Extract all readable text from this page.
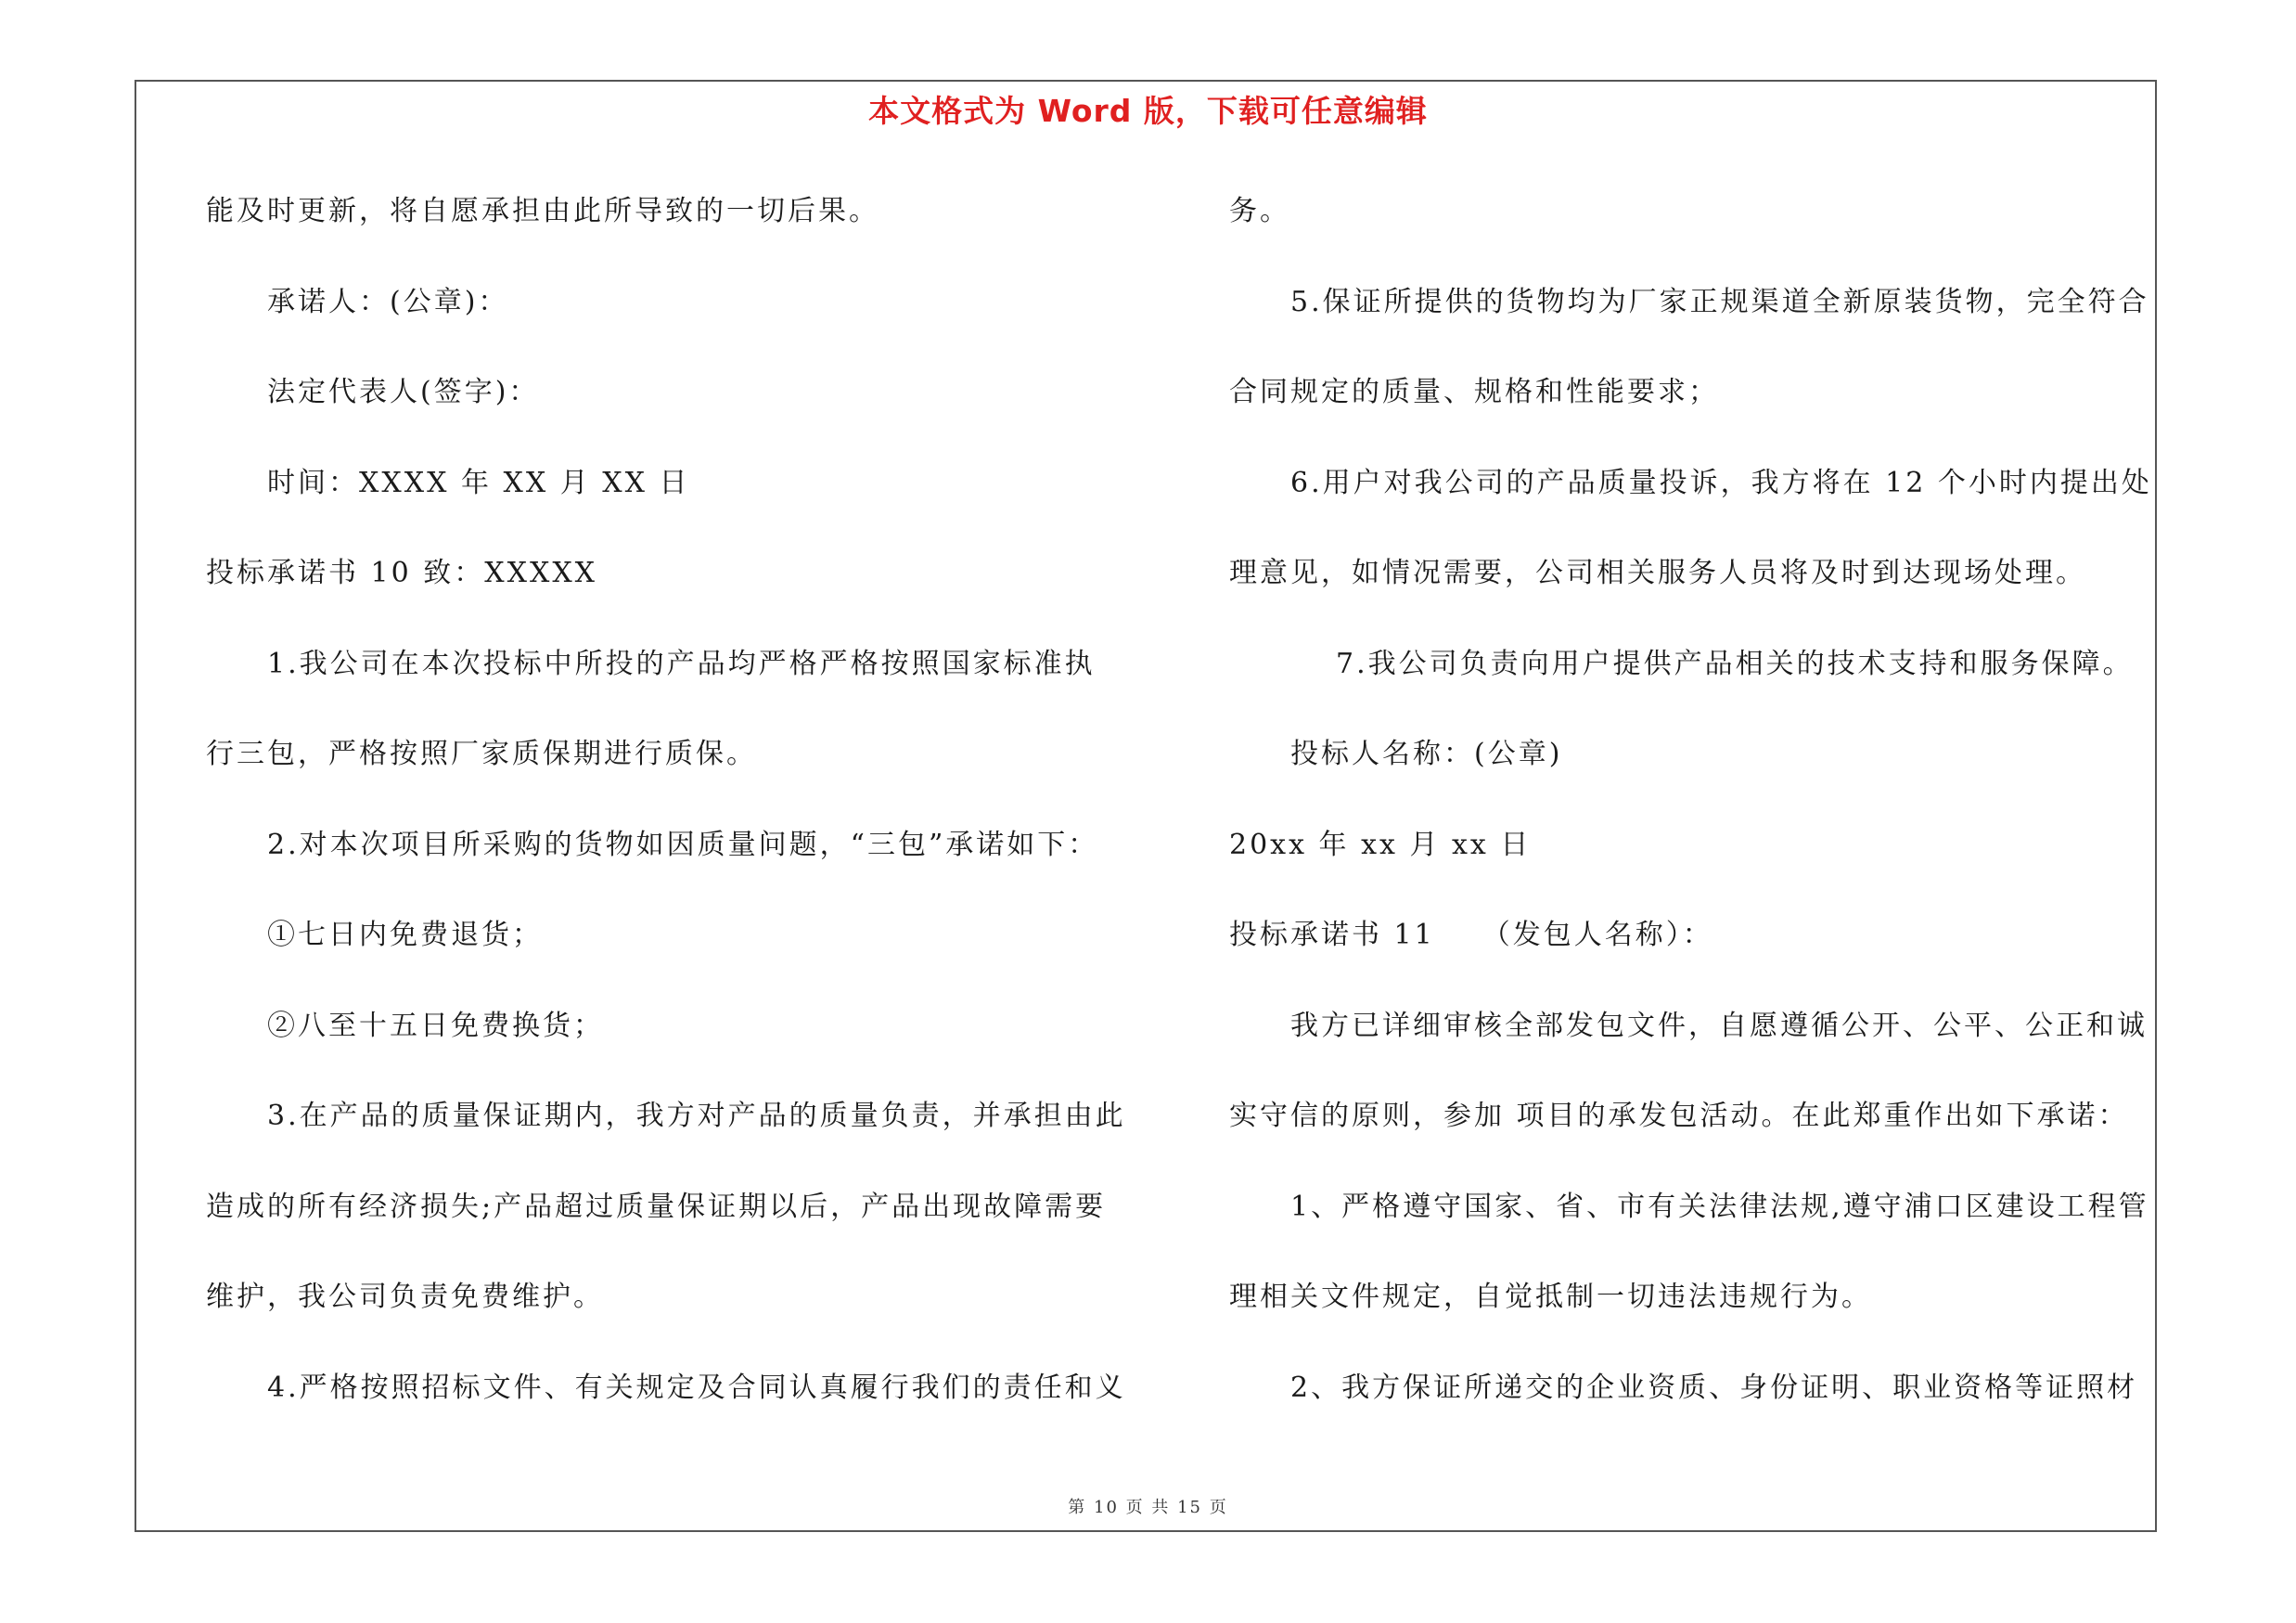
本文格式为 Word 版，下载可任意编辑
能及时更新，将自愿承担由此所导致的一切后果。
承诺人：(公章)：
法定代表人(签字)：
时间：XXXX 年 XX 月 XX 日
投标承诺书 10 致：XXXXX
1.我公司在本次投标中所投的产品均严格严格按照国家标准执
行三包，严格按照厂家质保期进行质保。
2.对本次项目所采购的货物如因质量问题，“三包”承诺如下：
①七日内免费退货；
②八至十五日免费换货；
3.在产品的质量保证期内，我方对产品的质量负责，并承担由此
造成的所有经济损失;产品超过质量保证期以后，产品出现故障需要
维护，我公司负责免费维护。
4.严格按照招标文件、有关规定及合同认真履行我们的责任和义
务。
5.保证所提供的货物均为厂家正规渠道全新原装货物，完全符合
合同规定的质量、规格和性能要求；
6.用户对我公司的产品质量投诉，我方将在 12 个小时内提出处
理意见，如情况需要，公司相关服务人员将及时到达现场处理。
7.我公司负责向用户提供产品相关的技术支持和服务保障。
投标人名称：(公章)
20xx 年 xx 月 xx 日
投标承诺书 11　　（发包人名称）：
我方已详细审核全部发包文件，自愿遵循公开、公平、公正和诚
实守信的原则，参加 项目的承发包活动。在此郑重作出如下承诺：
1、严格遵守国家、省、市有关法律法规,遵守浦口区建设工程管
理相关文件规定，自觉抵制一切违法违规行为。
2、我方保证所递交的企业资质、身份证明、职业资格等证照材
第 10 页 共 15 页
